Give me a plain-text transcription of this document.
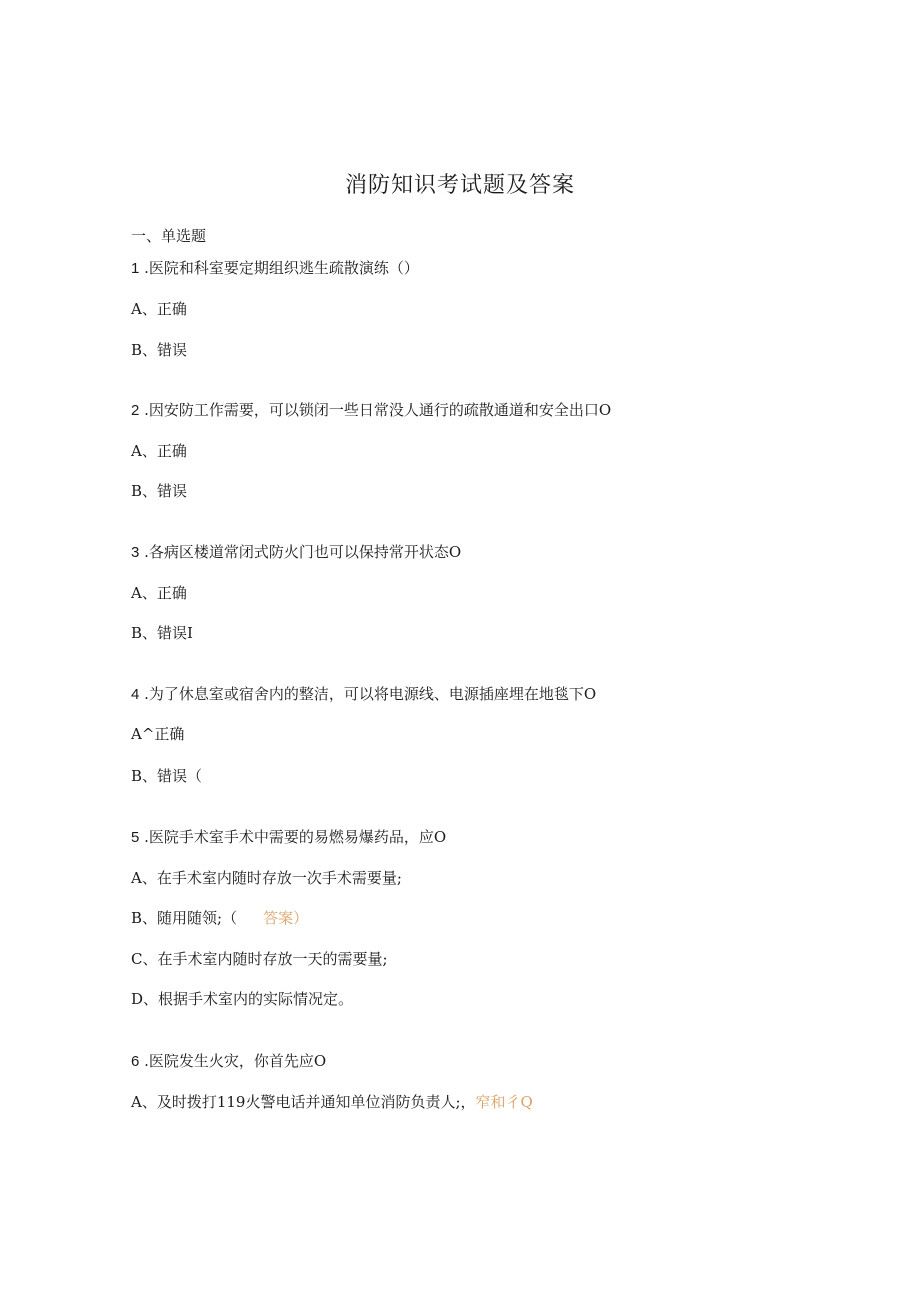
消防知识考试题及答案
一、单选题
1 .医院和科室要定期组织逃生疏散演练（）
A、正确
B、错误
2 .因安防工作需要，可以锁闭一些日常没人通行的疏散通道和安全出口O
A、正确
B、错误
3 .各病区楼道常闭式防火门也可以保持常开状态O
A、正确
B、错误I
4 .为了休息室或宿舍内的整洁，可以将电源线、电源插座埋在地毯下O
A^正确
B、错误（
5 .医院手术室手术中需要的易燃易爆药品，应O
A、在手术室内随时存放一次手术需要量;
B、随用随领;（ 答案）
C、在手术室内随时存放一天的需要量;
D、根据手术室内的实际情况定。
6 .医院发生火灾，你首先应O
A、及时拨打119火警电话并通知单位消防负责人;，窄和彳Q
